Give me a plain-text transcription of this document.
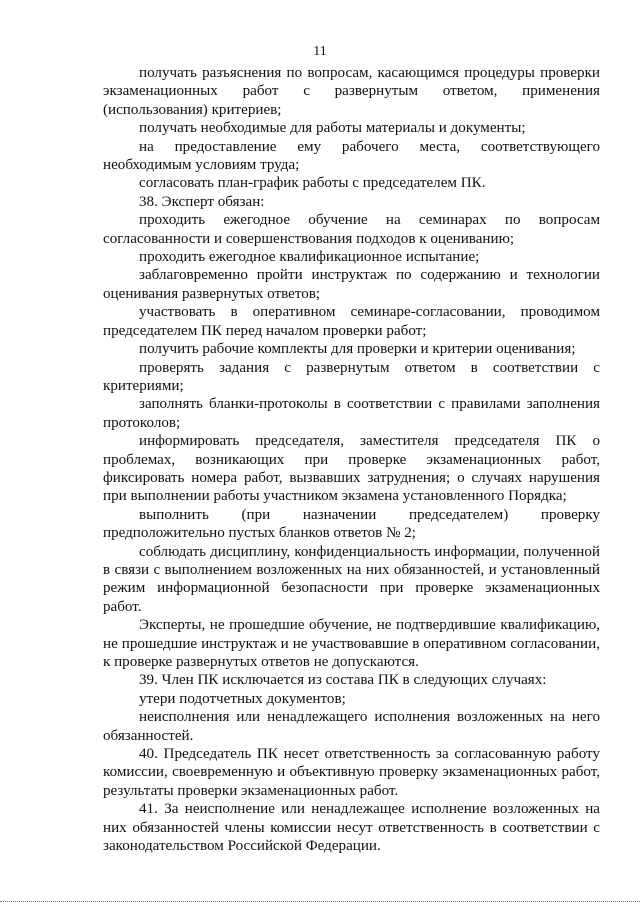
11

получать разъяснения по вопросам, касающимся процедуры проверки экзаменационных работ с развернутым ответом, применения (использования) критериев;

получать необходимые для работы материалы и документы;

на предоставление ему рабочего места, соответствующего необходимым условиям труда;

согласовать план-график работы с председателем ПК.

38. Эксперт обязан:

проходить ежегодное обучение на семинарах по вопросам согласованности и совершенствования подходов к оцениванию;

проходить ежегодное квалификационное испытание;

заблаговременно пройти инструктаж по содержанию и технологии оценивания развернутых ответов;

участвовать в оперативном семинаре-согласовании, проводимом председателем ПК перед началом проверки работ;

получить рабочие комплекты для проверки и критерии оценивания;

проверять задания с развернутым ответом в соответствии с критериями;

заполнять бланки-протоколы в соответствии с правилами заполнения протоколов;

информировать председателя, заместителя председателя ПК о проблемах, возникающих при проверке экзаменационных работ, фиксировать номера работ, вызвавших затруднения; о случаях нарушения при выполнении работы участником экзамена установленного Порядка;

выполнить (при назначении председателем) проверку предположительно пустых бланков ответов № 2;

соблюдать дисциплину, конфиденциальность информации, полученной в связи с выполнением возложенных на них обязанностей, и установленный режим информационной безопасности при проверке экзаменационных работ.

Эксперты, не прошедшие обучение, не подтвердившие квалификацию, не прошедшие инструктаж и не участвовавшие в оперативном согласовании, к проверке развернутых ответов не допускаются.

39. Член ПК исключается из состава ПК в следующих случаях:

утери подотчетных документов;

неисполнения или ненадлежащего исполнения возложенных на него обязанностей.

40. Председатель ПК несет ответственность за согласованную работу комиссии, своевременную и объективную проверку экзаменационных работ, результаты проверки экзаменационных работ.

41. За неисполнение или ненадлежащее исполнение возложенных на них обязанностей члены комиссии несут ответственность в соответствии с законодательством Российской Федерации.
